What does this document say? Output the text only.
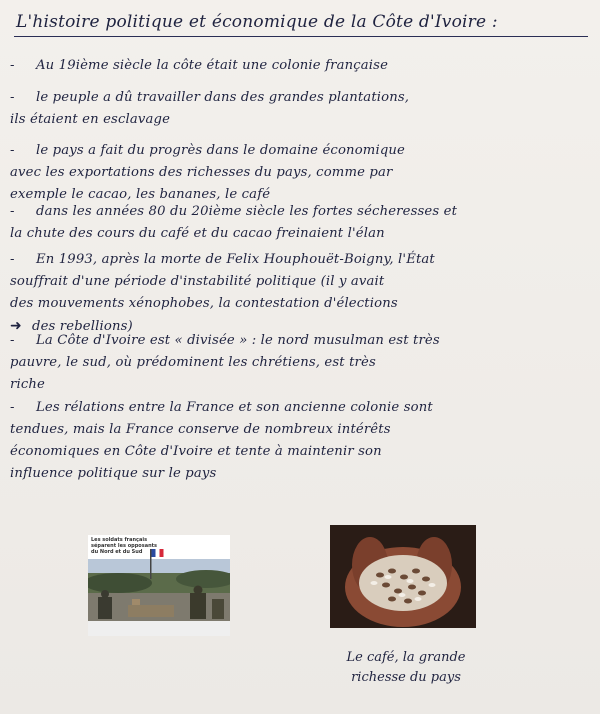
L'histoire politique et économique de la Côte d'Ivoire :
- Au 19ième siècle la côte était une colonie française
- le peuple a dû travailler dans des grandes plantations,
ils étaient en esclavage
- le pays a fait du progrès dans le domaine économique
avec les exportations des richesses du pays, comme par
exemple le cacao, les bananes, le café
- dans les années 80 du 20ième siècle les fortes sécheresses et
la chute des cours du café et du cacao freinaient l'élan
- En 1993, après la morte de Felix Houphouët-Boigny, l'État
souffrait d'une période d'instabilité politique (il y avait
des mouvements xénophobes, la contestation d'élections
➜ des rebellions)
- La Côte d'Ivoire est « divisée » : le nord musulman est très
pauvre, le sud, où prédominent les chrétiens, est très
riche
- Les rélations entre la France et son ancienne colonie sont
tendues, mais la France conserve de nombreux intérêts
économiques en Côte d'Ivoire et tente à maintenir son
influence politique sur le pays
Les soldats français
séparent les opposants
du Nord et du Sud
Le café, la grande
richesse du pays
